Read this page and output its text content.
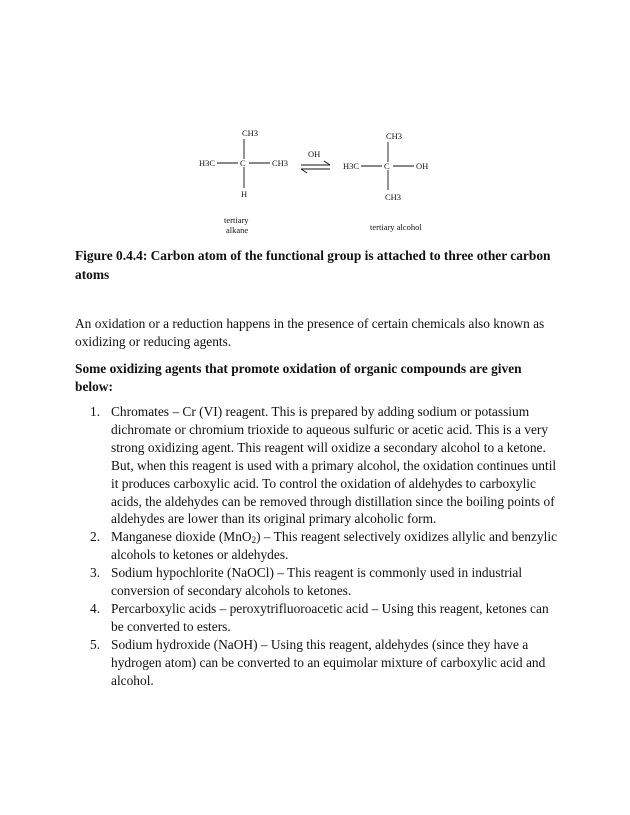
CH3
H3C	C	CH3
H
tertiary
alkane
OH
CH3
H3C	C	OH
CH3
tertiary alcohol
Figure 0.4.4: Carbon atom of the functional group is attached to three other carbon atoms
An oxidation or a reduction happens in the presence of certain chemicals also known as oxidizing or reducing agents.
Some oxidizing agents that promote oxidation of organic compounds are given below:
1. Chromates – Cr (VI) reagent. This is prepared by adding sodium or potassium dichromate or chromium trioxide to aqueous sulfuric or acetic acid. This is a very strong oxidizing agent. This reagent will oxidize a secondary alcohol to a ketone. But, when this reagent is used with a primary alcohol, the oxidation continues until it produces carboxylic acid. To control the oxidation of aldehydes to carboxylic acids, the aldehydes can be removed through distillation since the boiling points of aldehydes are lower than its original primary alcoholic form.
2. Manganese dioxide (MnO$_2$) – This reagent selectively oxidizes allylic and benzylic alcohols to ketones or aldehydes.
3. Sodium hypochlorite (NaOCl) – This reagent is commonly used in industrial conversion of secondary alcohols to ketones.
4. Percarboxylic acids – peroxytrifluoroacetic acid – Using this reagent, ketones can be converted to esters.
5. Sodium hydroxide (NaOH) – Using this reagent, aldehydes (since they have a hydrogen atom) can be converted to an equimolar mixture of carboxylic acid and alcohol.
